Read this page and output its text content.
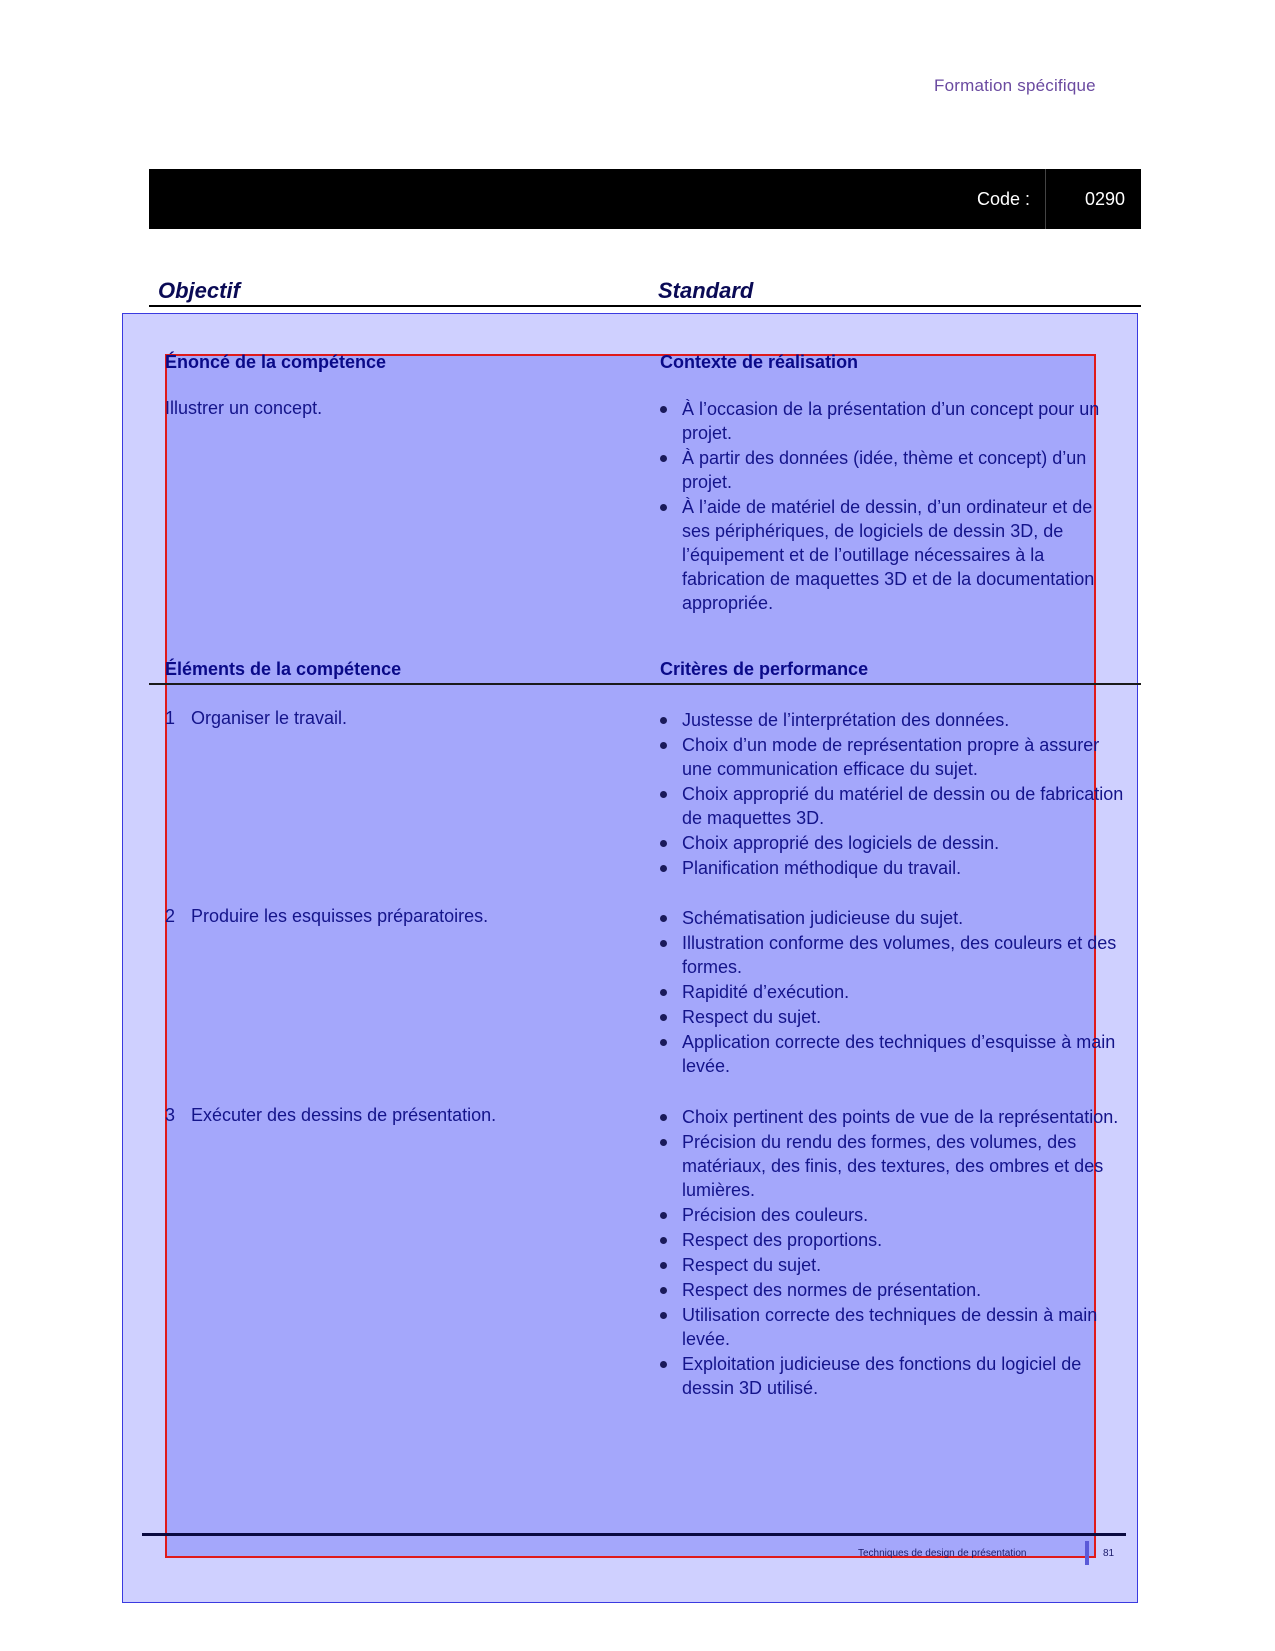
Formation spécifique
Code :	0290
Objectif	Standard
Énoncé de la compétence	Contexte de réalisation
Illustrer un concept.	À l’occasion de la présentation d’un concept pour un projet.
À partir des données (idée, thème et concept) d’un projet.
À l’aide de matériel de dessin, d’un ordinateur et de ses périphériques, de logiciels de dessin 3D, de l’équipement et de l’outillage nécessaires à la fabrication de maquettes 3D et de la documentation appropriée.
Éléments de la compétence	Critères de performance
1 Organiser le travail.	Justesse de l’interprétation des données.
Choix d’un mode de représentation propre à assurer une communication efficace du sujet.
Choix approprié du matériel de dessin ou de fabrication de maquettes 3D.
Choix approprié des logiciels de dessin.
Planification méthodique du travail.
2 Produire les esquisses préparatoires.	Schématisation judicieuse du sujet.
Illustration conforme des volumes, des couleurs et des formes.
Rapidité d’exécution.
Respect du sujet.
Application correcte des techniques d’esquisse à main levée.
3 Exécuter des dessins de présentation.	Choix pertinent des points de vue de la représentation.
Précision du rendu des formes, des volumes, des matériaux, des finis, des textures, des ombres et des lumières.
Précision des couleurs.
Respect des proportions.
Respect du sujet.
Respect des normes de présentation.
Utilisation correcte des techniques de dessin à main levée.
Exploitation judicieuse des fonctions du logiciel de dessin 3D utilisé.
Techniques de design de présentation	81
